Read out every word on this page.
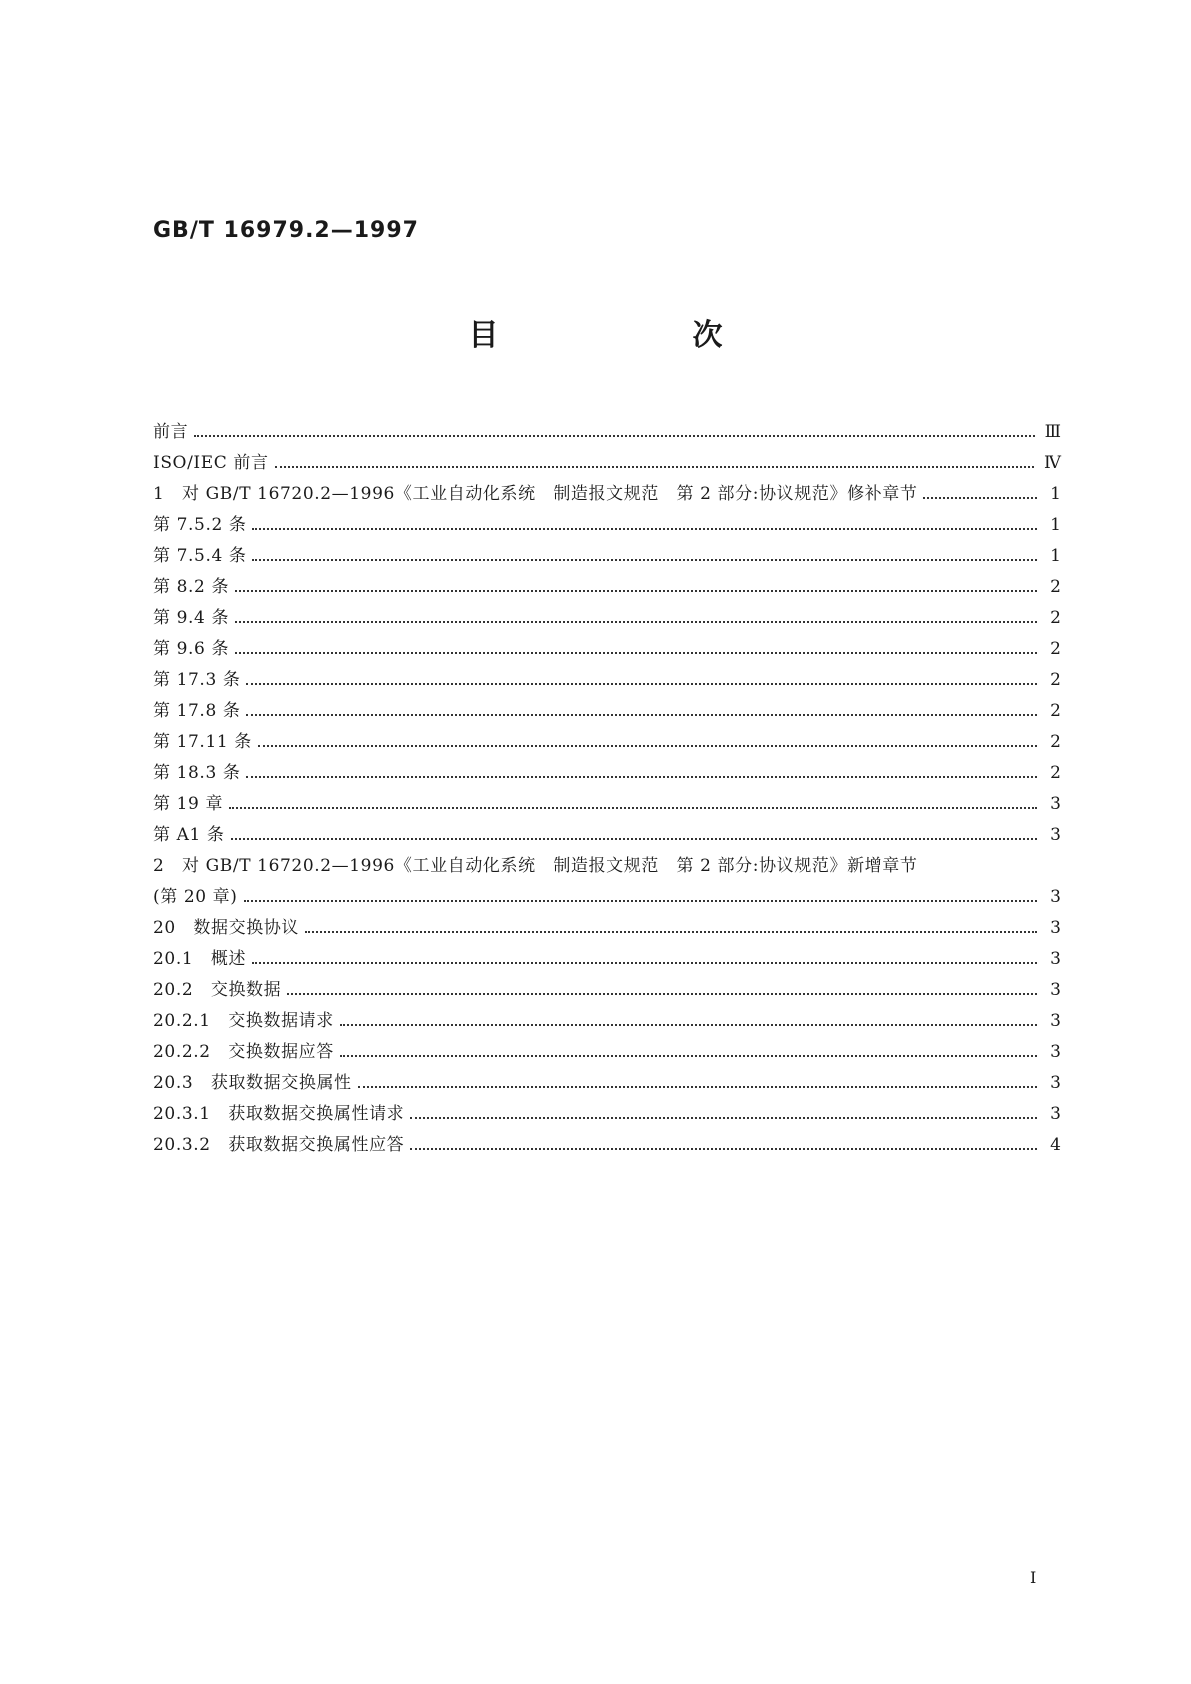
GB/T 16979.2—1997
目　次
前言	Ⅲ
ISO/IEC 前言	Ⅳ
1　对 GB/T 16720.2—1996《工业自动化系统　制造报文规范　第 2 部分:协议规范》修补章节	1
第 7.5.2 条	1
第 7.5.4 条	1
第 8.2 条	2
第 9.4 条	2
第 9.6 条	2
第 17.3 条	2
第 17.8 条	2
第 17.11 条	2
第 18.3 条	2
第 19 章	3
第 A1 条	3
2　对 GB/T 16720.2—1996《工业自动化系统　制造报文规范　第 2 部分:协议规范》新增章节
(第 20 章)	3
20　数据交换协议	3
20.1　概述	3
20.2　交换数据	3
20.2.1　交换数据请求	3
20.2.2　交换数据应答	3
20.3　获取数据交换属性	3
20.3.1　获取数据交换属性请求	3
20.3.2　获取数据交换属性应答	4
I
